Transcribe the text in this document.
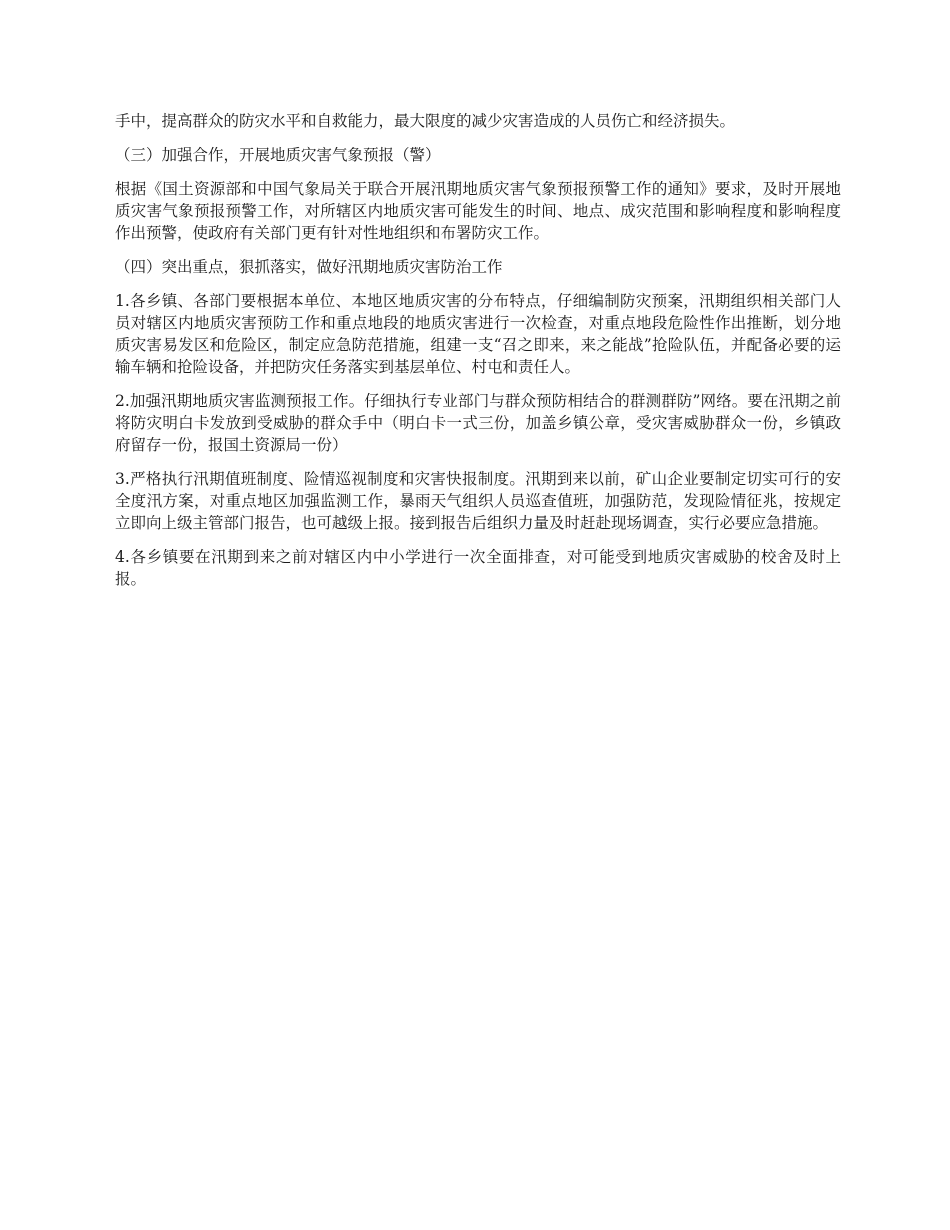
手中，提高群众的防灾水平和自救能力，最大限度的减少灾害造成的人员伤亡和经济损失。

（三）加强合作，开展地质灾害气象预报（警）

根据《国土资源部和中国气象局关于联合开展汛期地质灾害气象预报预警工作的通知》要求，及时开展地质灾害气象预报预警工作，对所辖区内地质灾害可能发生的时间、地点、成灾范围和影响程度和影响程度作出预警，使政府有关部门更有针对性地组织和布署防灾工作。

（四）突出重点，狠抓落实，做好汛期地质灾害防治工作

1.各乡镇、各部门要根据本单位、本地区地质灾害的分布特点，仔细编制防灾预案，汛期组织相关部门人员对辖区内地质灾害预防工作和重点地段的地质灾害进行一次检查，对重点地段危险性作出推断，划分地质灾害易发区和危险区，制定应急防范措施，组建一支“召之即来，来之能战”抢险队伍，并配备必要的运输车辆和抢险设备，并把防灾任务落实到基层单位、村屯和责任人。

2.加强汛期地质灾害监测预报工作。仔细执行专业部门与群众预防相结合的群测群防”网络。要在汛期之前将防灾明白卡发放到受威胁的群众手中（明白卡一式三份，加盖乡镇公章，受灾害威胁群众一份，乡镇政府留存一份，报国土资源局一份）

3.严格执行汛期值班制度、险情巡视制度和灾害快报制度。汛期到来以前，矿山企业要制定切实可行的安全度汛方案，对重点地区加强监测工作，暴雨天气组织人员巡查值班，加强防范，发现险情征兆，按规定立即向上级主管部门报告，也可越级上报。接到报告后组织力量及时赶赴现场调查，实行必要应急措施。

4.各乡镇要在汛期到来之前对辖区内中小学进行一次全面排查，对可能受到地质灾害威胁的校舍及时上报。
